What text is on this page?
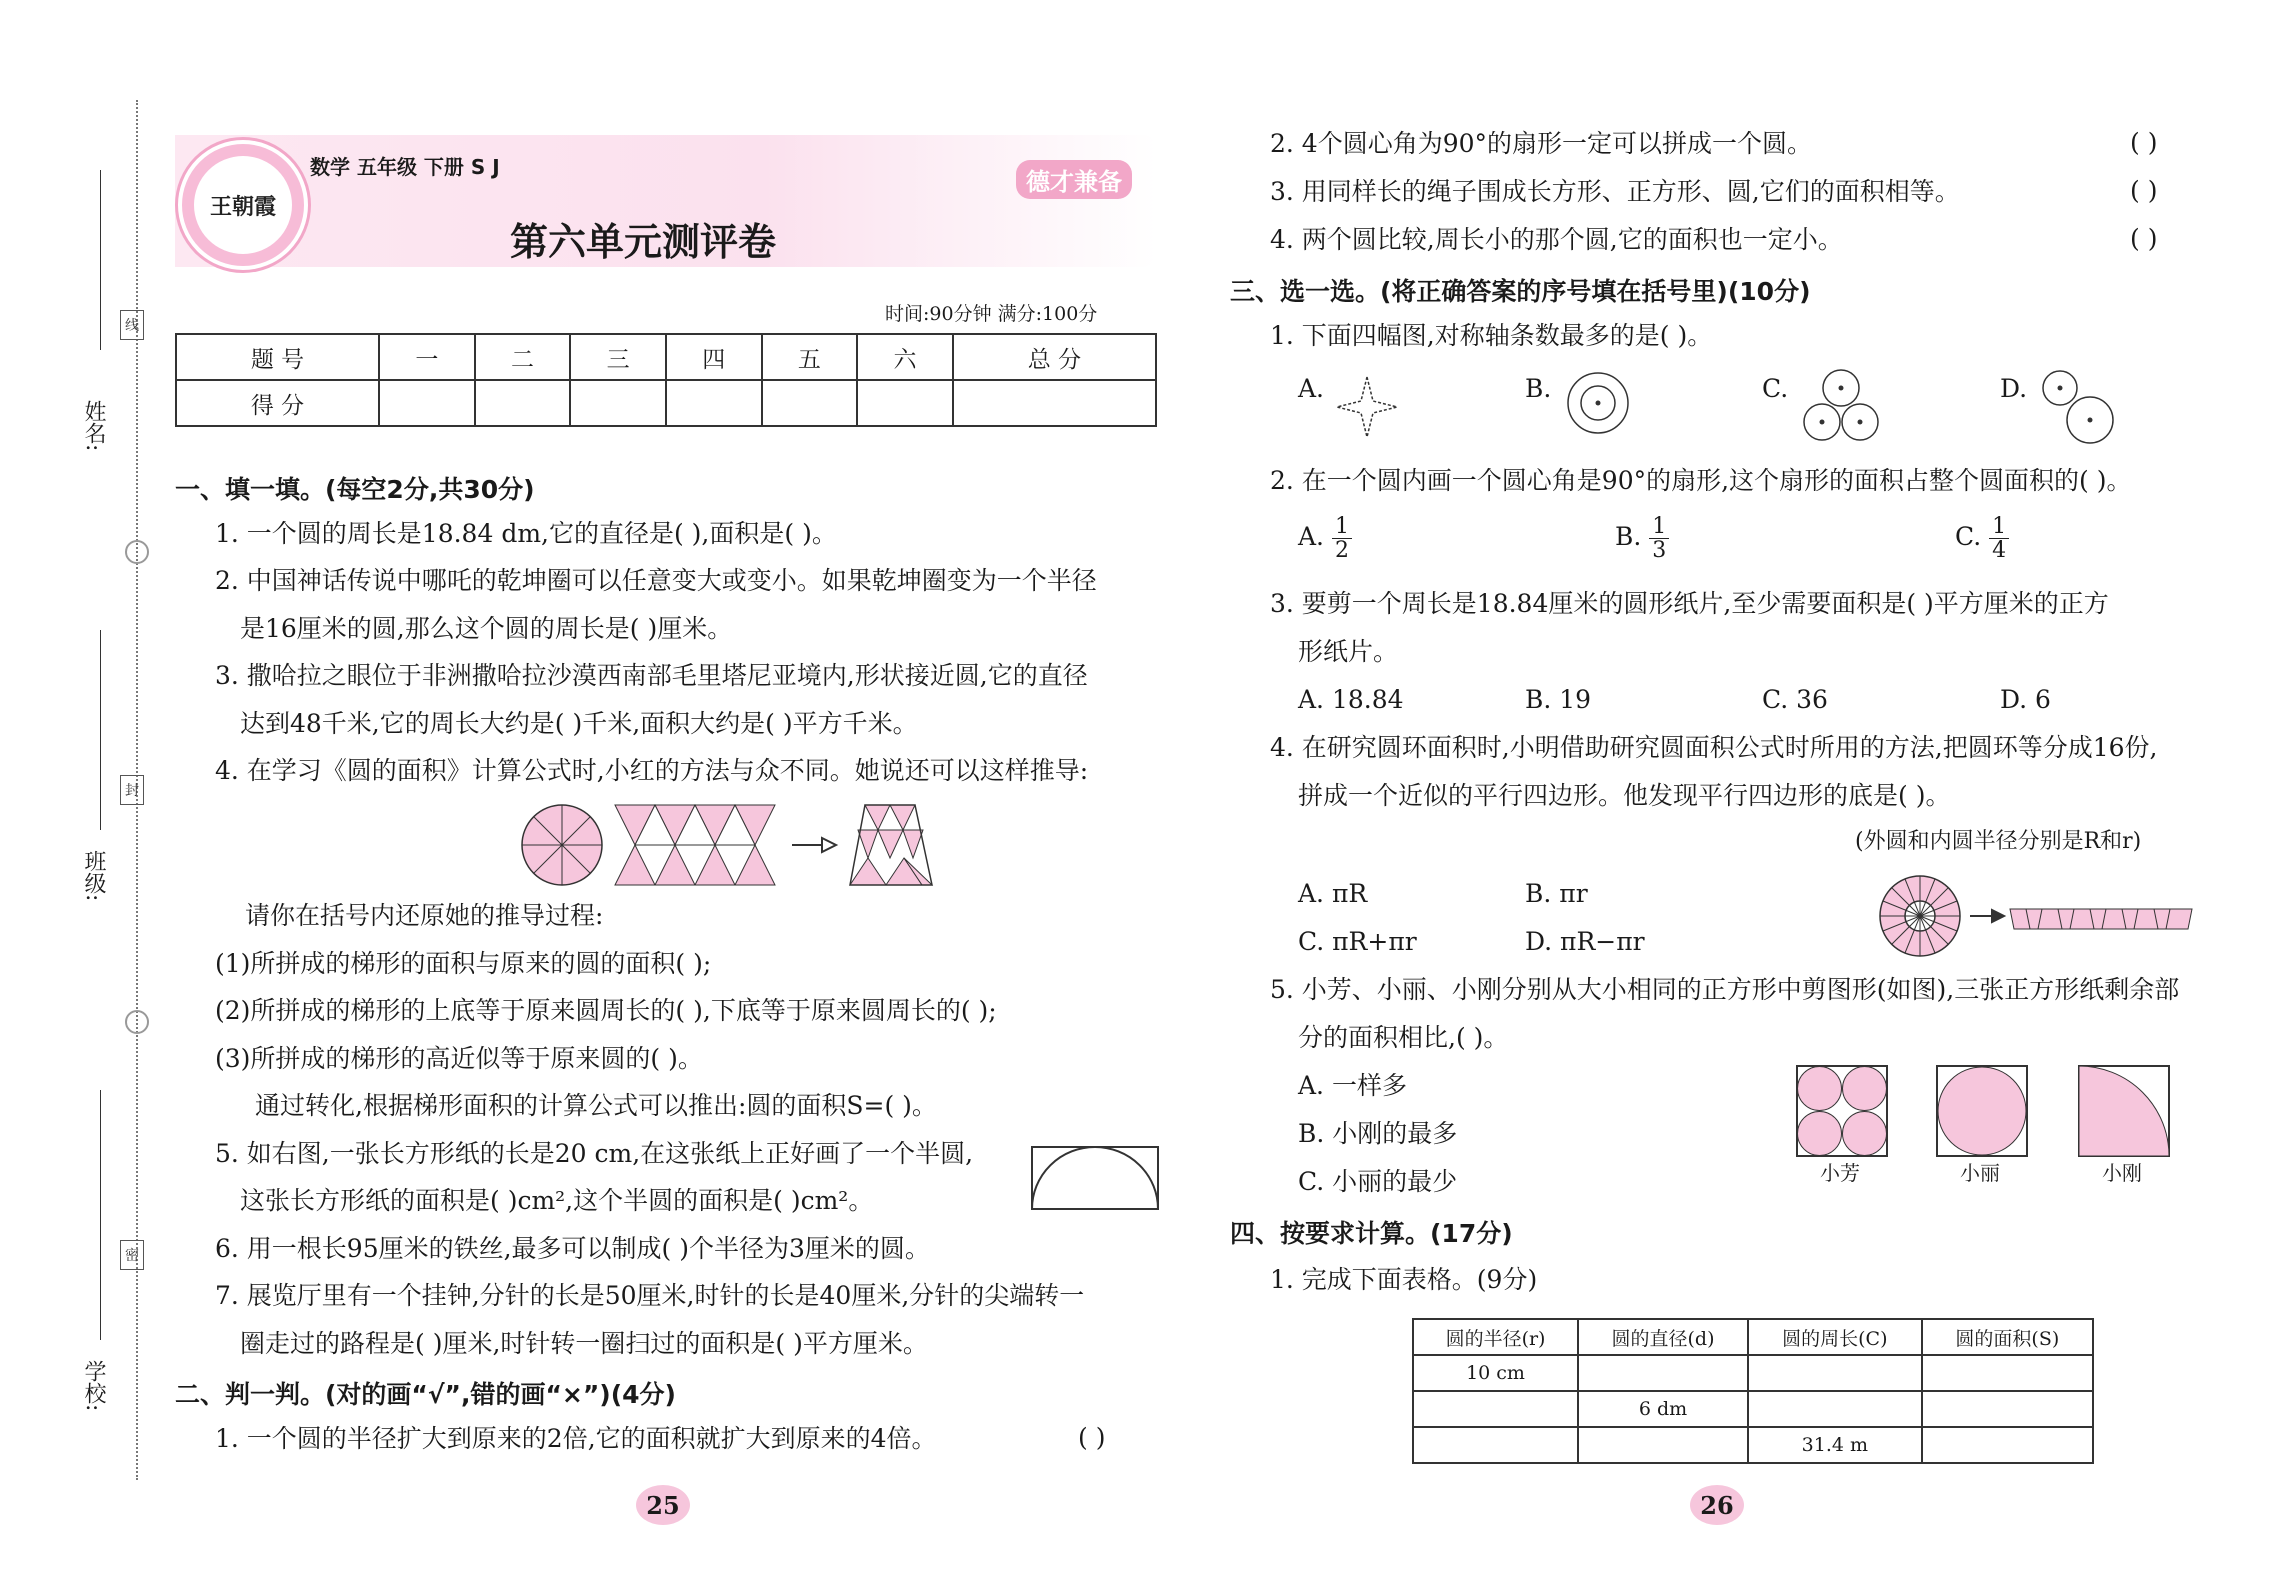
姓名:
班级:
学校:
线
封
密
王朝霞
数学 五年级 下册 S J
德才兼备
第六单元测评卷
时间:90分钟 满分:100分
题 号	一	二	三	四	五	六	总 分
得 分							
一、填一填。(每空2分,共30分)
1. 一个圆的周长是18.84 dm,它的直径是( ),面积是( )。
2. 中国神话传说中哪吒的乾坤圈可以任意变大或变小。如果乾坤圈变为一个半径
是16厘米的圆,那么这个圆的周长是( )厘米。
3. 撒哈拉之眼位于非洲撒哈拉沙漠西南部毛里塔尼亚境内,形状接近圆,它的直径
达到48千米,它的周长大约是( )千米,面积大约是( )平方千米。
4. 在学习《圆的面积》计算公式时,小红的方法与众不同。她说还可以这样推导:
请你在括号内还原她的推导过程:
(1)所拼成的梯形的面积与原来的圆的面积( );
(2)所拼成的梯形的上底等于原来圆周长的( ),下底等于原来圆周长的( );
(3)所拼成的梯形的高近似等于原来圆的( )。
通过转化,根据梯形面积的计算公式可以推出:圆的面积S=( )。
5. 如右图,一张长方形纸的长是20 cm,在这张纸上正好画了一个半圆,
这张长方形纸的面积是( )cm²,这个半圆的面积是( )cm²。
6. 用一根长95厘米的铁丝,最多可以制成( )个半径为3厘米的圆。
7. 展览厅里有一个挂钟,分针的长是50厘米,时针的长是40厘米,分针的尖端转一
圈走过的路程是( )厘米,时针转一圈扫过的面积是( )平方厘米。
二、判一判。(对的画“√”,错的画“×”)(4分)
1. 一个圆的半径扩大到原来的2倍,它的面积就扩大到原来的4倍。	( )
25
2. 4个圆心角为90°的扇形一定可以拼成一个圆。	( )
3. 用同样长的绳子围成长方形、正方形、圆,它们的面积相等。	( )
4. 两个圆比较,周长小的那个圆,它的面积也一定小。	( )
三、选一选。(将正确答案的序号填在括号里)(10分)
1. 下面四幅图,对称轴条数最多的是( )。
A.	B.	C.	D.
2. 在一个圆内画一个圆心角是90°的扇形,这个扇形的面积占整个圆面积的( )。
A. $\frac{1}{2}$	B. $\frac{1}{3}$	C. $\frac{1}{4}$
3. 要剪一个周长是18.84厘米的圆形纸片,至少需要面积是( )平方厘米的正方
形纸片。
A. 18.84	B. 19	C. 36	D. 6
4. 在研究圆环面积时,小明借助研究圆面积公式时所用的方法,把圆环等分成16份,
拼成一个近似的平行四边形。他发现平行四边形的底是( )。
(外圆和内圆半径分别是R和r)
A. πR	B. πr
C. πR+πr	D. πR−πr
5. 小芳、小丽、小刚分别从大小相同的正方形中剪图形(如图),三张正方形纸剩余部
分的面积相比,( )。
A. 一样多
B. 小刚的最多
C. 小丽的最少	小芳	小丽	小刚
四、按要求计算。(17分)
1. 完成下面表格。(9分)
圆的半径(r)	圆的直径(d)	圆的周长(C)	圆的面积(S)
10 cm			
	6 dm		
		31.4 m	
26
